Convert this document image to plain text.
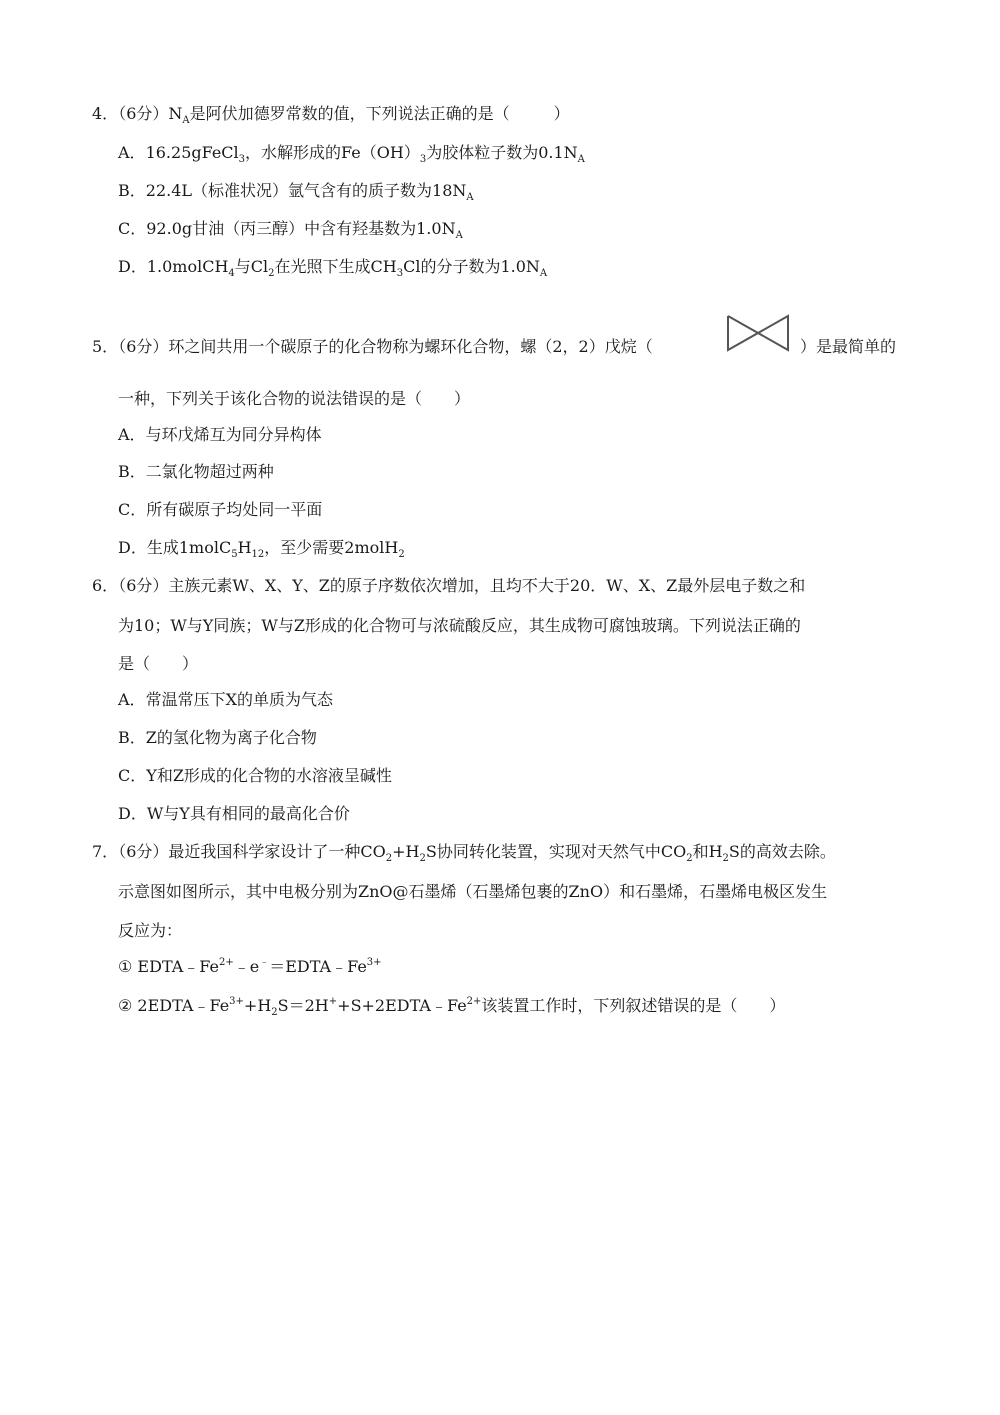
4．（6分）$N_A$是阿伏加德罗常数的值，下列说法正确的是（	）
A．16.25gFeCl$_3$，水解形成的$Fe(OH)_3$为胶体粒子数为$0.1N_A$
B．22.4L（标准状况）氩气含有的质子数为$18N_A$
C．92.0g甘油（丙三醇）中含有羟基数为$1.0N_A$
D．1.0molCH$_4$与$Cl_2$在光照下生成$CH_3Cl$的分子数为$1.0N_A$
5．（6分）环之间共用一个碳原子的化合物称为螺环化合物，螺（2，2）戊烷（	）是最简单的
一种，下列关于该化合物的说法错误的是（　　）
A．与环戊烯互为同分异构体
B．二氯化物超过两种
C．所有碳原子均处同一平面
D．生成$1molC_5H_{12}$，至少需要2molH$_2$
6．（6分）主族元素W、X、Y、Z的原子序数依次增加，且均不大于20．W、X、Z最外层电子数之和
为10；W与Y同族；W与Z形成的化合物可与浓硫酸反应，其生成物可腐蚀玻璃。下列说法正确的
是（　　）
A．常温常压下X的单质为气态
B．Z的氢化物为离子化合物
C．Y和Z形成的化合物的水溶液呈碱性
D．W与Y具有相同的最高化合价
7．（6分）最近我国科学家设计了一种$CO_2+H_2S$协同转化装置，实现对天然气中$CO_2$和$H_2S$的高效去除。
示意图如图所示，其中电极分别为ZnO@石墨烯（石墨烯包裹的ZnO）和石墨烯，石墨烯电极区发生
反应为：
① $EDTA﹣Fe^{2+}﹣e^﹣=EDTA﹣Fe^{3+}$
② $2EDTA﹣Fe^{3+}+H_2S=2H^++S+2EDTA﹣Fe^{2+}$该装置工作时，下列叙述错误的是（　　）
